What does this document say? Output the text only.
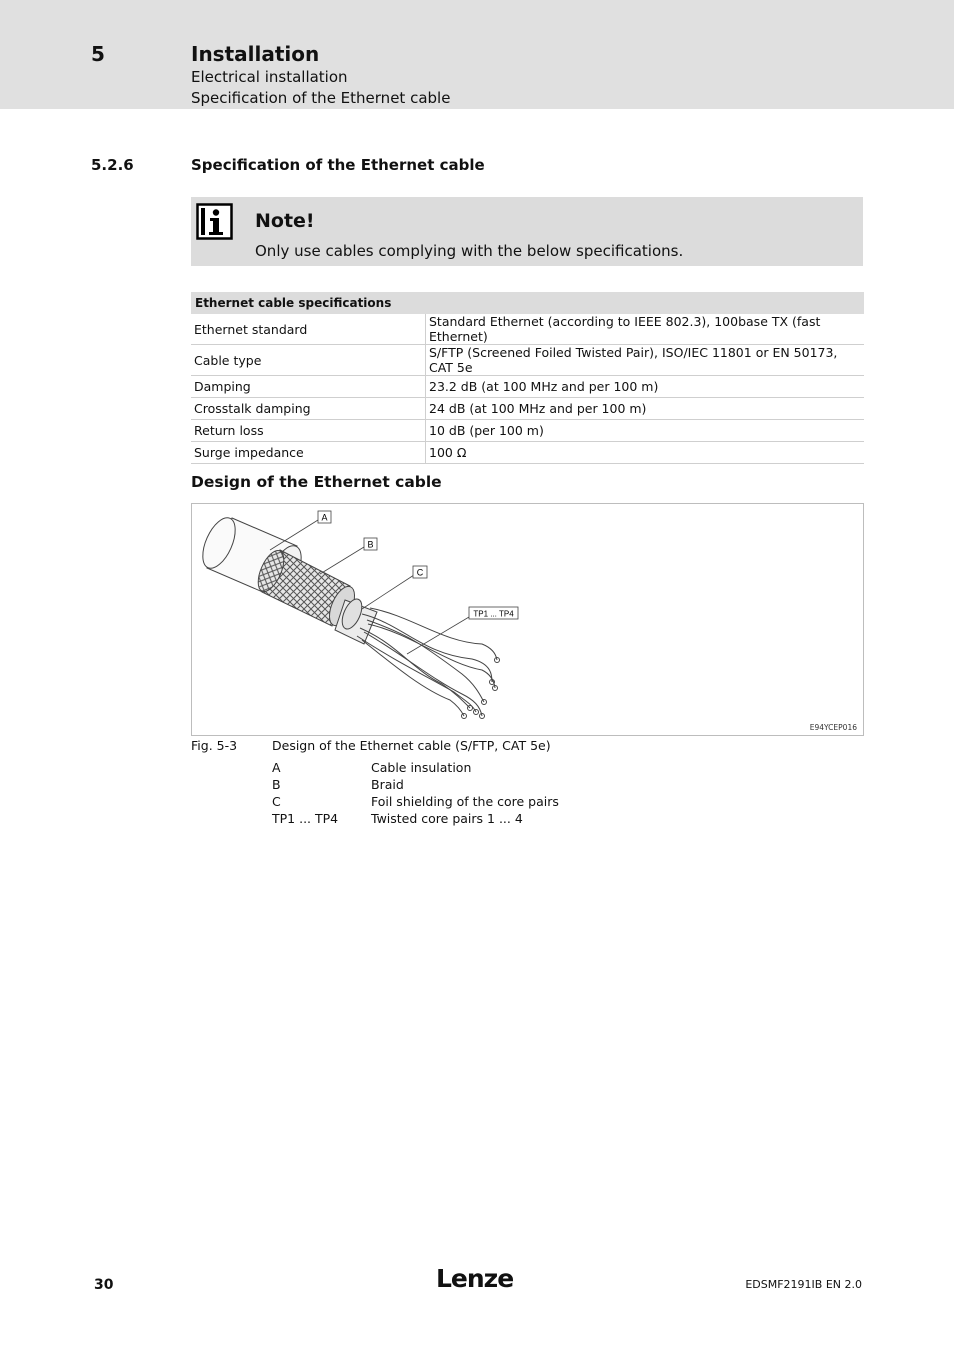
5	Installation
Electrical installation
Specification of the Ethernet cable
5.2.6	Specification of the Ethernet cable
Note!
Only use cables complying with the below specifications.
Ethernet cable specifications	
Ethernet standard	Standard Ethernet (according to IEEE 802.3), 100base TX (fast Ethernet)
Cable type	S/FTP (Screened Foiled Twisted Pair), ISO/IEC 11801 or EN 50173, CAT 5e
Damping	23.2 dB (at 100 MHz and per 100 m)
Crosstalk damping	24 dB (at 100 MHz and per 100 m)
Return loss	10 dB (per 100 m)
Surge impedance	100 Ω
Design of the Ethernet cable
A
B
C
TP1 ... TP4
E94YCEP016
Fig. 5-3	Design of the Ethernet cable (S/FTP, CAT 5e)
A	Cable insulation
B	Braid
C	Foil shielding of the core pairs
TP1 ... TP4	Twisted core pairs 1 ... 4
30	Lenze	EDSMF2191IB EN 2.0
